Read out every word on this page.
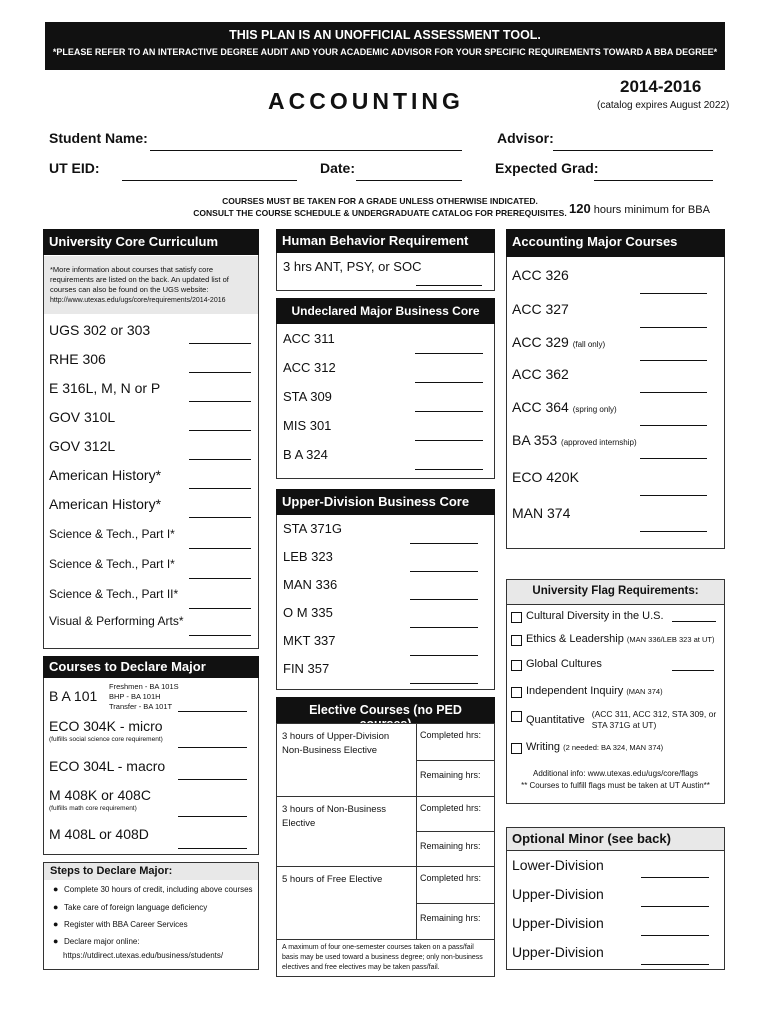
THIS PLAN IS AN UNOFFICIAL ASSESSMENT TOOL.
*PLEASE REFER TO AN INTERACTIVE DEGREE AUDIT AND YOUR ACADEMIC ADVISOR FOR YOUR SPECIFIC REQUIREMENTS TOWARD A BBA DEGREE*
ACCOUNTING
2014-2016
(catalog expires August 2022)
Student Name:	Advisor:
UT EID:	Date:	Expected Grad:
COURSES MUST BE TAKEN FOR A GRADE UNLESS OTHERWISE INDICATED.
CONSULT THE COURSE SCHEDULE & UNDERGRADUATE CATALOG FOR PREREQUISITES. 120 hours minimum for BBA
University Core Curriculum
*More information about courses that satisfy core requirements are listed on the back. An updated list of courses can also be found on the UGS website:
http://www.utexas.edu/ugs/core/requirements/2014-2016
UGS 302 or 303
RHE 306
E 316L, M, N or P
GOV 310L
GOV 312L
American History*
American History*
Science & Tech., Part I*
Science & Tech., Part I*
Science & Tech., Part II*
Visual & Performing Arts*
Courses to Declare Major
B A 101
Freshmen - BA 101S
BHP - BA 101H
Transfer - BA 101T
ECO 304K - micro
(fulfills social science core requirement)
ECO 304L - macro
M 408K or 408C
(fulfills math core requirement)
M 408L or 408D
Steps to Declare Major:
● Complete 30 hours of credit, including above courses
● Take care of foreign language deficiency
● Register with BBA Career Services
● Declare major online:
https://utdirect.utexas.edu/business/students/
Human Behavior Requirement
3 hrs ANT, PSY, or SOC
Undeclared Major Business Core
ACC 311
ACC 312
STA 309
MIS 301
B A 324
Upper-Division Business Core
STA 371G
LEB 323
MAN 336
O M 335
MKT 337
FIN 357
Elective Courses (no PED courses)
3 hours of Upper-Division Non-Business Elective
Completed hrs:
Remaining hrs:
3 hours of Non-Business Elective
Completed hrs:
Remaining hrs:
5 hours of Free Elective	Completed hrs:
Remaining hrs:
A maximum of four one-semester courses taken on a pass/fail basis may be used toward a business degree; only non-business electives and free electives may be taken pass/fail.
Accounting Major Courses
ACC 326
ACC 327
ACC 329 (fall only)
ACC 362
ACC 364 (spring only)
BA 353 (approved internship)
ECO 420K
MAN 374
University Flag Requirements:
Cultural Diversity in the U.S.
Ethics & Leadership (MAN 336/LEB 323 at UT)
Global Cultures
Independent Inquiry (MAN 374)
Quantitative (ACC 311, ACC 312, STA 309, or STA 371G at UT)
Writing (2 needed: BA 324, MAN 374)
Additional info: www.utexas.edu/ugs/core/flags
** Courses to fulfill flags must be taken at UT Austin**
Optional Minor (see back)
Lower-Division
Upper-Division
Upper-Division
Upper-Division
